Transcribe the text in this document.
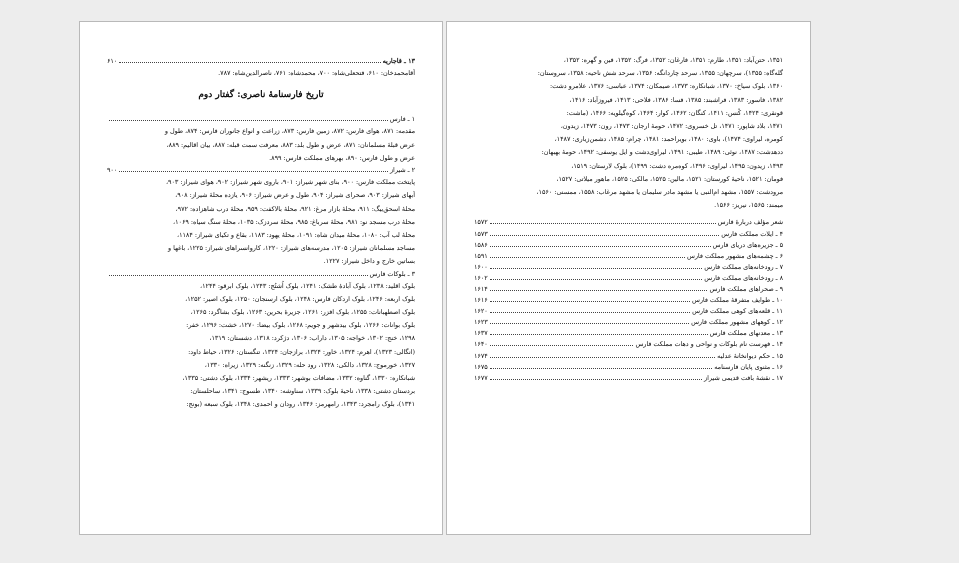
۱۳ ـ قاجاریه
۶۱۰
آقامحمدخان: ۶۱۰، فتحعلی‌شاه: ۷۰۰، محمدشاه: ۷۶۱، ناصرالدین‌شاه: ۷۸۷.
تاریخ فارسنامهٔ ناصری: گفتار دوم
۱ ـ فارس
مقدمه: ۸۷۱، هوای فارس: ۸۷۲، زمین فارس: ۸۷۳، زراعت و انواع جانوران فارس: ۸۷۴، طول و
عرض قبلهٔ مسلمانان: ۸۷۱، عرض و طول بلد: ۸۸۳، معرفت سمت قبله: ۸۸۷، بیان اقالیم: ۸۸۹،
عرض و طول فارس: ۸۹۰، بهرهای مملکت فارس: ۸۹۹.
۲ ـ شیراز
۹۰۰
پایتخت مملکت فارس: ۹۰۰، بنای شهر شیراز: ۹۰۱، باروی شهر شیراز: ۹۰۲، هوای شیراز: ۹۰۳،
آبهای شیراز: ۹۰۳، صحرای شیراز: ۹۰۴، طول و عرض شیراز: ۹۰۶، یازده محلهٔ شیراز: ۹۰۸،
محلهٔ اسحق‌بیگ: ۹۱۱، محلهٔ بازار مرغ: ۹۲۱، محلهٔ بالاکفت: ۹۵۹، محلهٔ درب شاهزاده: ۹۷۲،
محلهٔ درب مسجد نو: ۹۸۱، محلهٔ سرباغ: ۹۸۵، محلهٔ سردزک: ۱۰۳۵، محلهٔ سنگ سیاه: ۱۰۶۹،
محلهٔ لب آب: ۱۰۸۰، محلهٔ میدان شاه: ۱۰۹۱، محلهٔ یهود: ۱۱۸۳، بقاع و تکیای شیراز: ۱۱۸۴،
مساجد مسلمانان شیراز: ۱۲۰۵، مدرسه‌های شیراز: ۱۲۲۰، کاروانسراهای شیراز: ۱۲۲۵، باغها و
بساتین خارج و داخل شیراز: ۱۲۲۷.
۳ ـ بلوکات فارس
بلوک اقلید: ۱۲۳۸، بلوک آبادهٔ طشک: ۱۲۴۱، بلوک اُشتُج: ۱۲۴۳، بلوک ابرقو: ۱۲۴۴،
بلوک اربعه: ۱۲۴۶، بلوک اردکان فارس: ۱۲۴۸، بلوک ارسنجان: ۱۲۵۰، بلوک اصیر: ۱۲۵۲،
بلوک اصطهبانات: ۱۲۵۵، بلوک افزر: ۱۲۶۱، جزیرهٔ بحرین: ۱۲۶۳، بلوک بشاگرد: ۱۲۶۵،
بلوک بوانات: ۱۲۶۶، بلوک بیدشهر و جویم: ۱۲۶۸، بلوک بیضا: ۱۲۷۰، خشت: ۱۲۹۶، خفر:
۱۲۹۸، خنج: ۱۳۰۲، خواجه: ۱۳۰۵، داراب: ۱۳۰۶، دژکرد: ۱۳۱۸، دشستان: ۱۳۱۹،
(انگالی: ۱۳۲۳)، اهرم: ۱۳۲۴، خاور: ۱۳۲۴، برازجان: ۱۳۲۴، تنگستان: ۱۳۲۶، حیاط داود:
۱۳۲۷، خورموج: ۱۳۲۸، دالکی: ۱۳۲۸، رود حله: ۱۳۲۹، زنگنه: ۱۳۲۹، زیراه: ۱۳۳۰،
شبانکاره: ۱۳۳۰، گناوه: ۱۳۳۲، مضافات بوشهر: ۱۳۳۳، ریشهر: ۱۳۳۴، بلوک دشتی: ۱۳۳۵،
بردستان دشتی: ۱۳۳۸، ناحیهٔ بلوک: ۱۳۳۹، سناوشه: ۱۳۴۰، طسوج: ۱۳۴۱، ساحلستان:
۱۳۴۱)، بلوک رامجرد: ۱۳۴۳، رامهرمز: ۱۳۴۶، رودان و احمدی: ۱۳۴۸، بلوک سبعه (بونج:
۱۳۵۱، حتن‌آباد: ۱۳۵۱، طارم: ۱۳۵۱، فارغان: ۱۳۵۲، فرگ: ۱۳۵۲، فین و گهره: ۱۳۵۲،
گله‌گاه: ۱۳۵۵)، سرچهان: ۱۳۵۵، سرحد چاردانگه: ۱۳۵۶، سرحد شش ناحیه: ۱۳۵۸، سروستان:
۱۳۶۰، بلوک سیاخ: ۱۳۷۰، شبانکاره: ۱۳۷۳، صیمکان: ۱۳۷۴، عباسی: ۱۳۷۶، علامرو دشت:
۱۳۸۲، فاسور: ۱۳۸۳، فراشبند: ۱۳۸۵، فسا: ۱۳۸۶، فلاحی: ۱۴۱۳، فیروزآباد: ۱۴۱۶،
قونقری: ۱۴۲۴، کُنس: ۱۴۱۱، کنگان: ۱۴۶۲، کوار: ۱۴۶۴، کوه‌گیلویه: ۱۴۶۶، (ماشت:
۱۴۷۱، بلاد شاپور: ۱۴۷۱، تل خسروی: ۱۴۷۲، حومهٔ ارجان: ۱۴۷۳، رون: ۱۴۷۳، زیدون،
کومره، لیراوی: ۱۴۷۴)، باوی: ۱۴۸۰، بویراحمد: ۱۴۸۱، چرام: ۱۴۸۵، دشمن‌زیاری: ۱۴۸۷،
ددهدشت: ۱۴۸۷، نوئی: ۱۴۸۹، طیبی: ۱۴۹۱، لیراوی‌دشت و ایل یوسفی: ۱۴۹۲، حومهٔ بهبهان:
۱۴۹۳، زیدون: ۱۴۹۵، لیراوی: ۱۴۹۶، کوه‌مره دشت: ۱۴۹۹)، بلوک لارستان: ۱۵۱۹،
فومان: ۱۵۲۱، ناحیهٔ کورستان: ۱۵۲۱، مالین: ۱۵۲۵، مالکی: ۱۵۲۵، ماهور میلاتی: ۱۵۲۷،
مرودشت: ۱۵۵۷، مشهد ام‌النبی یا مشهد مادر سلیمان یا مشهد مرغاب: ۱۵۵۸، ممسنی: ۱۵۶۰،
میمند: ۱۵۶۵، نیریز: ۱۵۶۶.
شعر مؤلف دربارهٔ فارس
۱۵۷۲
۴ ـ ایلات مملکت فارس
۱۵۷۳
۵ ـ جزیره‌های دریای فارس
۱۵۸۶
۶ ـ چشمه‌های مشهور مملکت فارس
۱۵۹۱
۷ ـ رودخانه‌های مملکت فارس
۱۶۰۰
۸ ـ رودخانه‌های مملکت فارس
۱۶۰۲
۹ ـ صحراهای مملکت فارس
۱۶۱۴
۱۰ ـ طوایف متفرقهٔ مملکت فارس
۱۶۱۶
۱۱ ـ قلعه‌های کوهی مملکت فارس
۱۶۲۰
۱۲ ـ کوههای مشهور مملکت فارس
۱۶۲۳
۱۳ ـ معدنهای مملکت فارس
۱۶۳۷
۱۴ ـ فهرست نام بلوکات و نواحی و دهات مملکت فارس
۱۶۴۰
۱۵ ـ حکم دیوانخانهٔ عدلیه
۱۶۷۴
۱۶ ـ مثنوی پایان فارسنامه
۱۶۷۵
۱۷ ـ نقشهٔ بافت قدیمی شیراز
۱۶۷۷
